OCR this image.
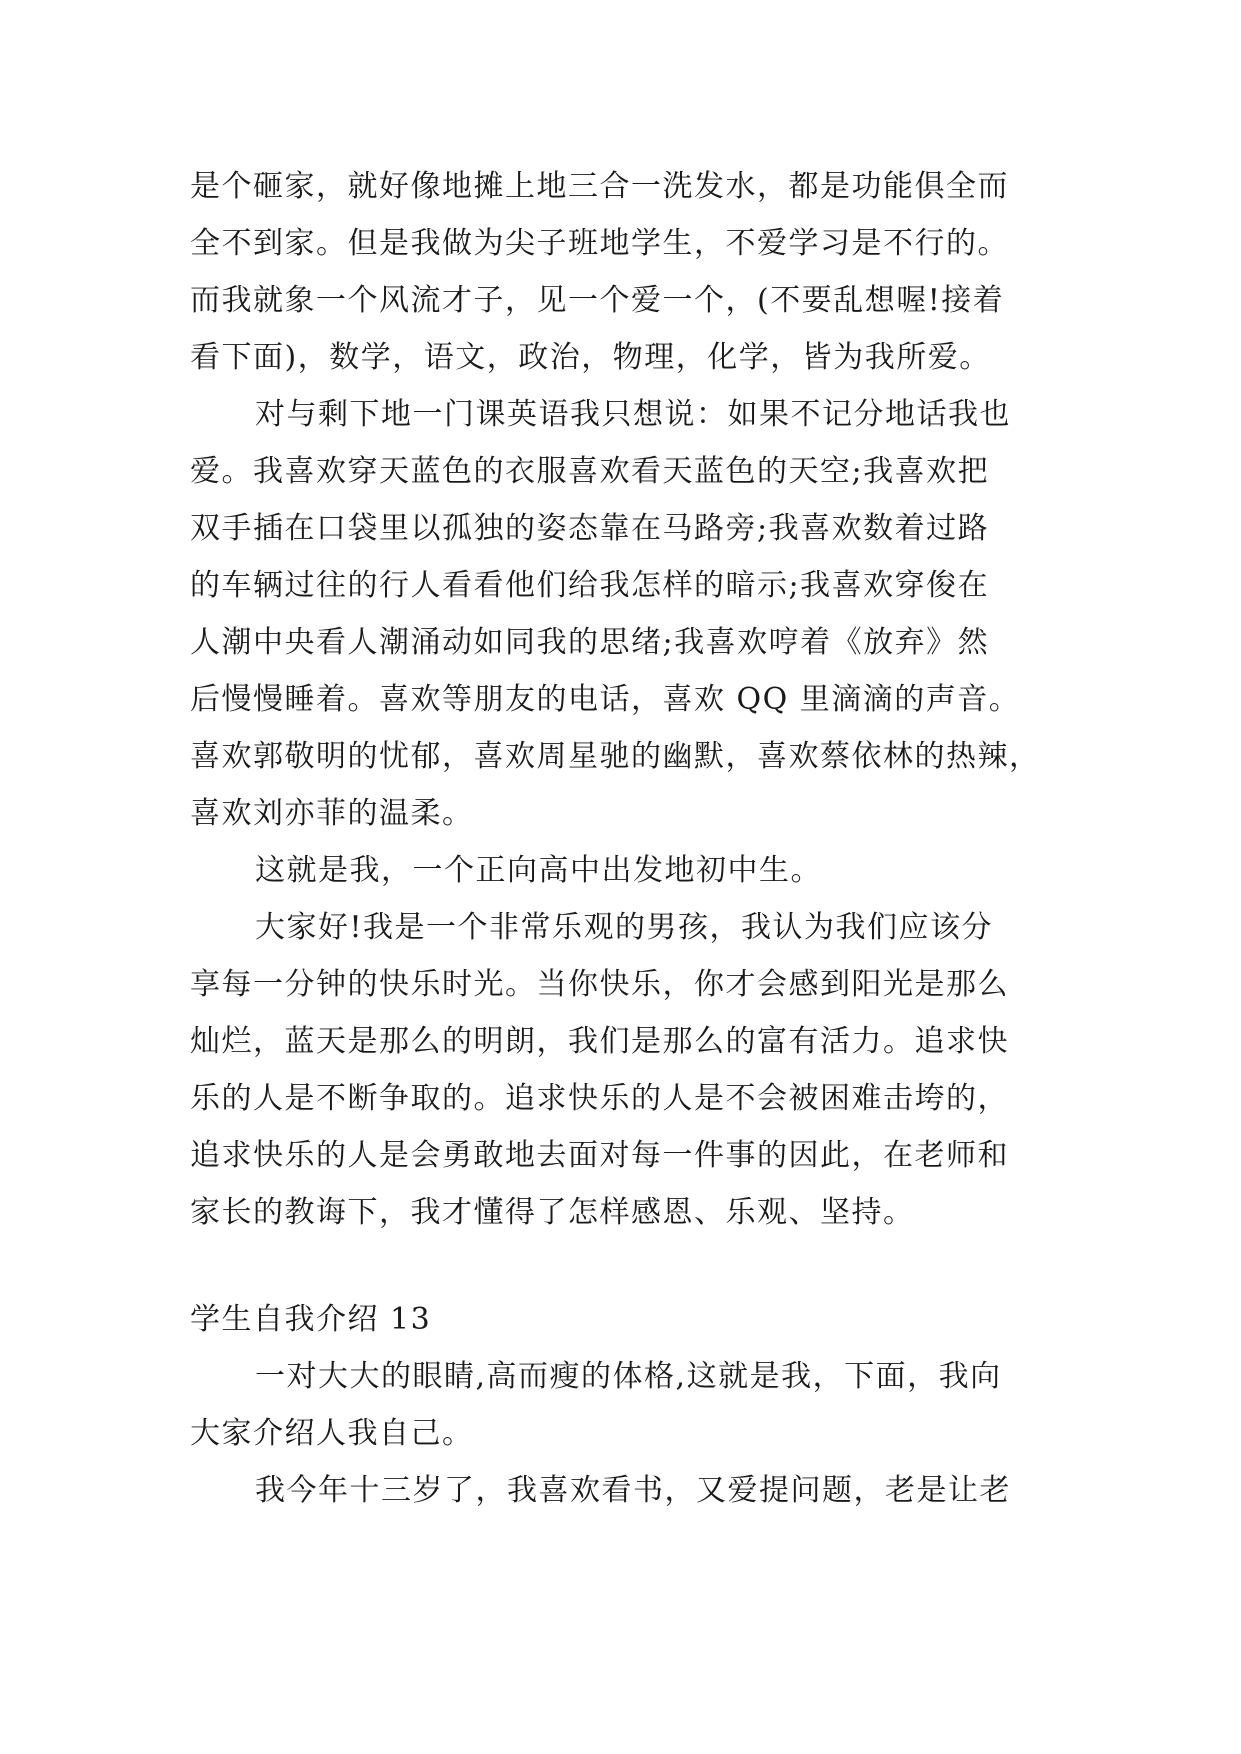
是个砸家，就好像地摊上地三合一洗发水，都是功能俱全而
全不到家。但是我做为尖子班地学生，不爱学习是不行的。
而我就象一个风流才子，见一个爱一个，(不要乱想喔!接着
看下面)，数学，语文，政治，物理，化学，皆为我所爱。
对与剩下地一门课英语我只想说：如果不记分地话我也
爱。我喜欢穿天蓝色的衣服喜欢看天蓝色的天空;我喜欢把
双手插在口袋里以孤独的姿态靠在马路旁;我喜欢数着过路
的车辆过往的行人看看他们给我怎样的暗示;我喜欢穿俊在
人潮中央看人潮涌动如同我的思绪;我喜欢哼着《放弃》然
后慢慢睡着。喜欢等朋友的电话，喜欢 QQ 里滴滴的声音。
喜欢郭敬明的忧郁，喜欢周星驰的幽默，喜欢蔡依林的热辣，
喜欢刘亦菲的温柔。
这就是我，一个正向高中出发地初中生。
大家好!我是一个非常乐观的男孩，我认为我们应该分
享每一分钟的快乐时光。当你快乐，你才会感到阳光是那么
灿烂，蓝天是那么的明朗，我们是那么的富有活力。追求快
乐的人是不断争取的。追求快乐的人是不会被困难击垮的，
追求快乐的人是会勇敢地去面对每一件事的因此，在老师和
家长的教诲下，我才懂得了怎样感恩、乐观、坚持。
学生自我介绍 13
一对大大的眼睛,高而瘦的体格,这就是我，下面，我向
大家介绍人我自己。
我今年十三岁了，我喜欢看书，又爱提问题，老是让老
